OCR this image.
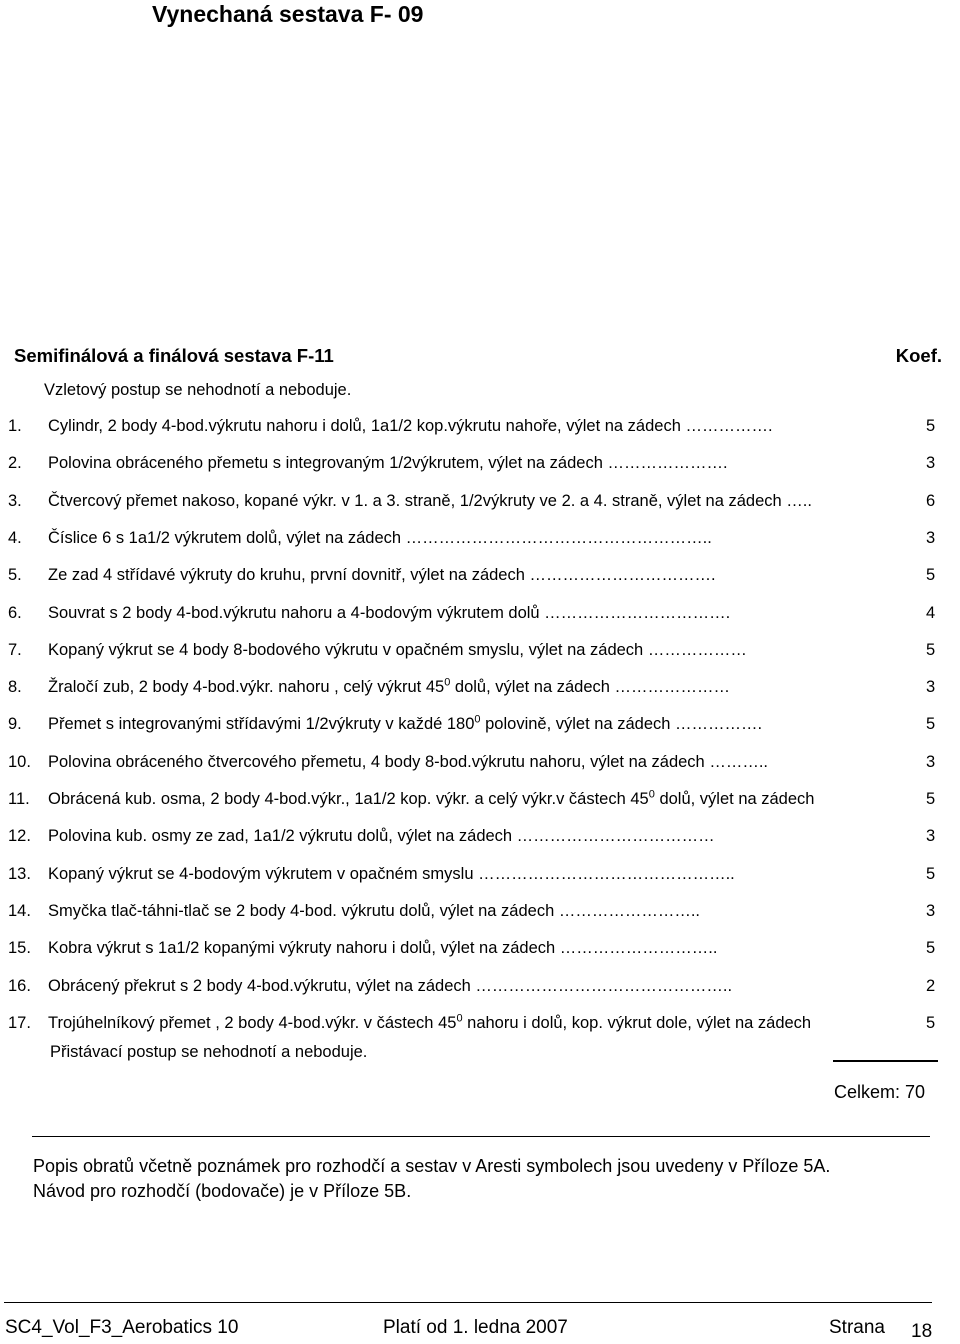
Vynechaná sestava F- 09
Semifinálová a finálová sestava F-11	Koef.
Vzletový postup se nehodnotí a neboduje.
1.	Cylindr, 2 body 4-bod.výkrutu nahoru i dolů, 1a1/2 kop.výkrutu nahoře, výlet na zádech …………….	5
2.	Polovina obráceného přemetu s integrovaným 1/2výkrutem, výlet na zádech ………………….	3
3.	Čtvercový přemet nakoso, kopané výkr. v 1. a 3. straně, 1/2výkruty ve 2. a 4. straně, výlet na zádech …..	6
4.	Číslice 6 s 1a1/2 výkrutem dolů, výlet na zádech ………………………………………………..	3
5.	Ze zad 4 střídavé výkruty do kruhu, první dovnitř, výlet na zádech …………………………….	5
6.	Souvrat s 2 body 4-bod.výkrutu nahoru a 4-bodovým výkrutem dolů …………………………….	4
7.	Kopaný výkrut se 4 body 8-bodového výkrutu v opačném smyslu, výlet na zádech ………………	5
8.	Žraločí zub, 2 body 4-bod.výkr. nahoru , celý výkrut $45^0$ dolů, výlet na zádech …………………	3
9.	Přemet s integrovanými střídavými 1/2výkruty v každé $180^0$ polovině, výlet na zádech …………….	5
10.	Polovina obráceného čtvercového přemetu, 4 body 8-bod.výkrutu nahoru, výlet na zádech ………..	3
11.	Obrácená kub. osma, 2 body 4-bod.výkr., 1a1/2 kop. výkr. a celý výkr.v částech $45^0$ dolů, výlet na zádech	5
12.	Polovina kub. osmy ze zad, 1a1/2 výkrutu dolů, výlet na zádech ………………………………	3
13.	Kopaný výkrut se 4-bodovým výkrutem v opačném smyslu ………………………………………..	5
14.	Smyčka tlač-táhni-tlač se 2 body 4-bod. výkrutu dolů, výlet na zádech ……………………..	3
15.	Kobra výkrut s 1a1/2 kopanými výkruty nahoru i dolů, výlet na zádech ………………………..	5
16.	Obrácený překrut s 2 body 4-bod.výkrutu, výlet na zádech ………………………………………..	2
17.	Trojúhelníkový přemet , 2 body 4-bod.výkr. v částech $45^0$ nahoru i dolů, kop. výkrut dole, výlet na zádech	5
Přistávací postup se nehodnotí a neboduje.
Celkem: 70
Popis obratů včetně poznámek pro rozhodčí a sestav v Aresti symbolech jsou uvedeny v Příloze 5A.
Návod pro rozhodčí (bodovače) je v Příloze 5B.
SC4_Vol_F3_Aerobatics 10	Platí od 1. ledna 2007	Strana 18
